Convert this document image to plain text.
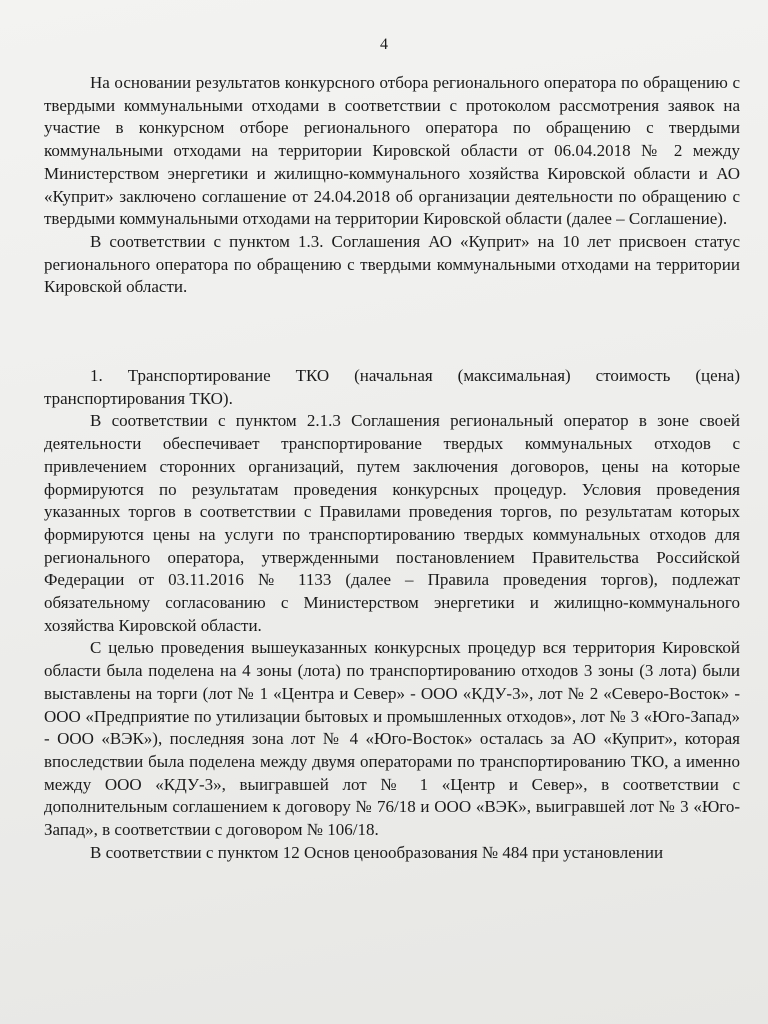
4

На основании результатов конкурсного отбора регионального оператора по обращению с твердыми коммунальными отходами в соответствии с протоколом рассмотрения заявок на участие в конкурсном отборе регионального оператора по обращению с твердыми коммунальными отходами на территории Кировской области от 06.04.2018 № 2 между Министерством энергетики и жилищно-коммунального хозяйства Кировской области и АО «Куприт» заключено соглашение от 24.04.2018 об организации деятельности по обращению с твердыми коммунальными отходами на территории Кировской области (далее – Соглашение).

В соответствии с пунктом 1.3. Соглашения АО «Куприт» на 10 лет присвоен статус регионального оператора по обращению с твердыми коммунальными отходами на территории Кировской области.

1. Транспортирование ТКО (начальная (максимальная) стоимость (цена) транспортирования ТКО).

В соответствии с пунктом 2.1.3 Соглашения региональный оператор в зоне своей деятельности обеспечивает транспортирование твердых коммунальных отходов с привлечением сторонних организаций, путем заключения договоров, цены на которые формируются по результатам проведения конкурсных процедур. Условия проведения указанных торгов в соответствии с Правилами проведения торгов, по результатам которых формируются цены на услуги по транспортированию твердых коммунальных отходов для регионального оператора, утвержденными постановлением Правительства Российской Федерации от 03.11.2016 № 1133 (далее – Правила проведения торгов), подлежат обязательному согласованию с Министерством энергетики и жилищно-коммунального хозяйства Кировской области.

С целью проведения вышеуказанных конкурсных процедур вся территория Кировской области была поделена на 4 зоны (лота) по транспортированию отходов 3 зоны (3 лота) были выставлены на торги (лот № 1 «Центра и Север» - ООО «КДУ-3», лот № 2 «Северо-Восток» - ООО «Предприятие по утилизации бытовых и промышленных отходов», лот № 3 «Юго-Запад» - ООО «ВЭК»), последняя зона лот № 4 «Юго-Восток» осталась за АО «Куприт», которая впоследствии была поделена между двумя операторами по транспортированию ТКО, а именно между ООО «КДУ-3», выигравшей лот № 1 «Центр и Север», в соответствии с дополнительным соглашением к договору № 76/18 и ООО «ВЭК», выигравшей лот № 3 «Юго-Запад», в соответствии с договором № 106/18.

В соответствии с пунктом 12 Основ ценообразования № 484 при установлении
